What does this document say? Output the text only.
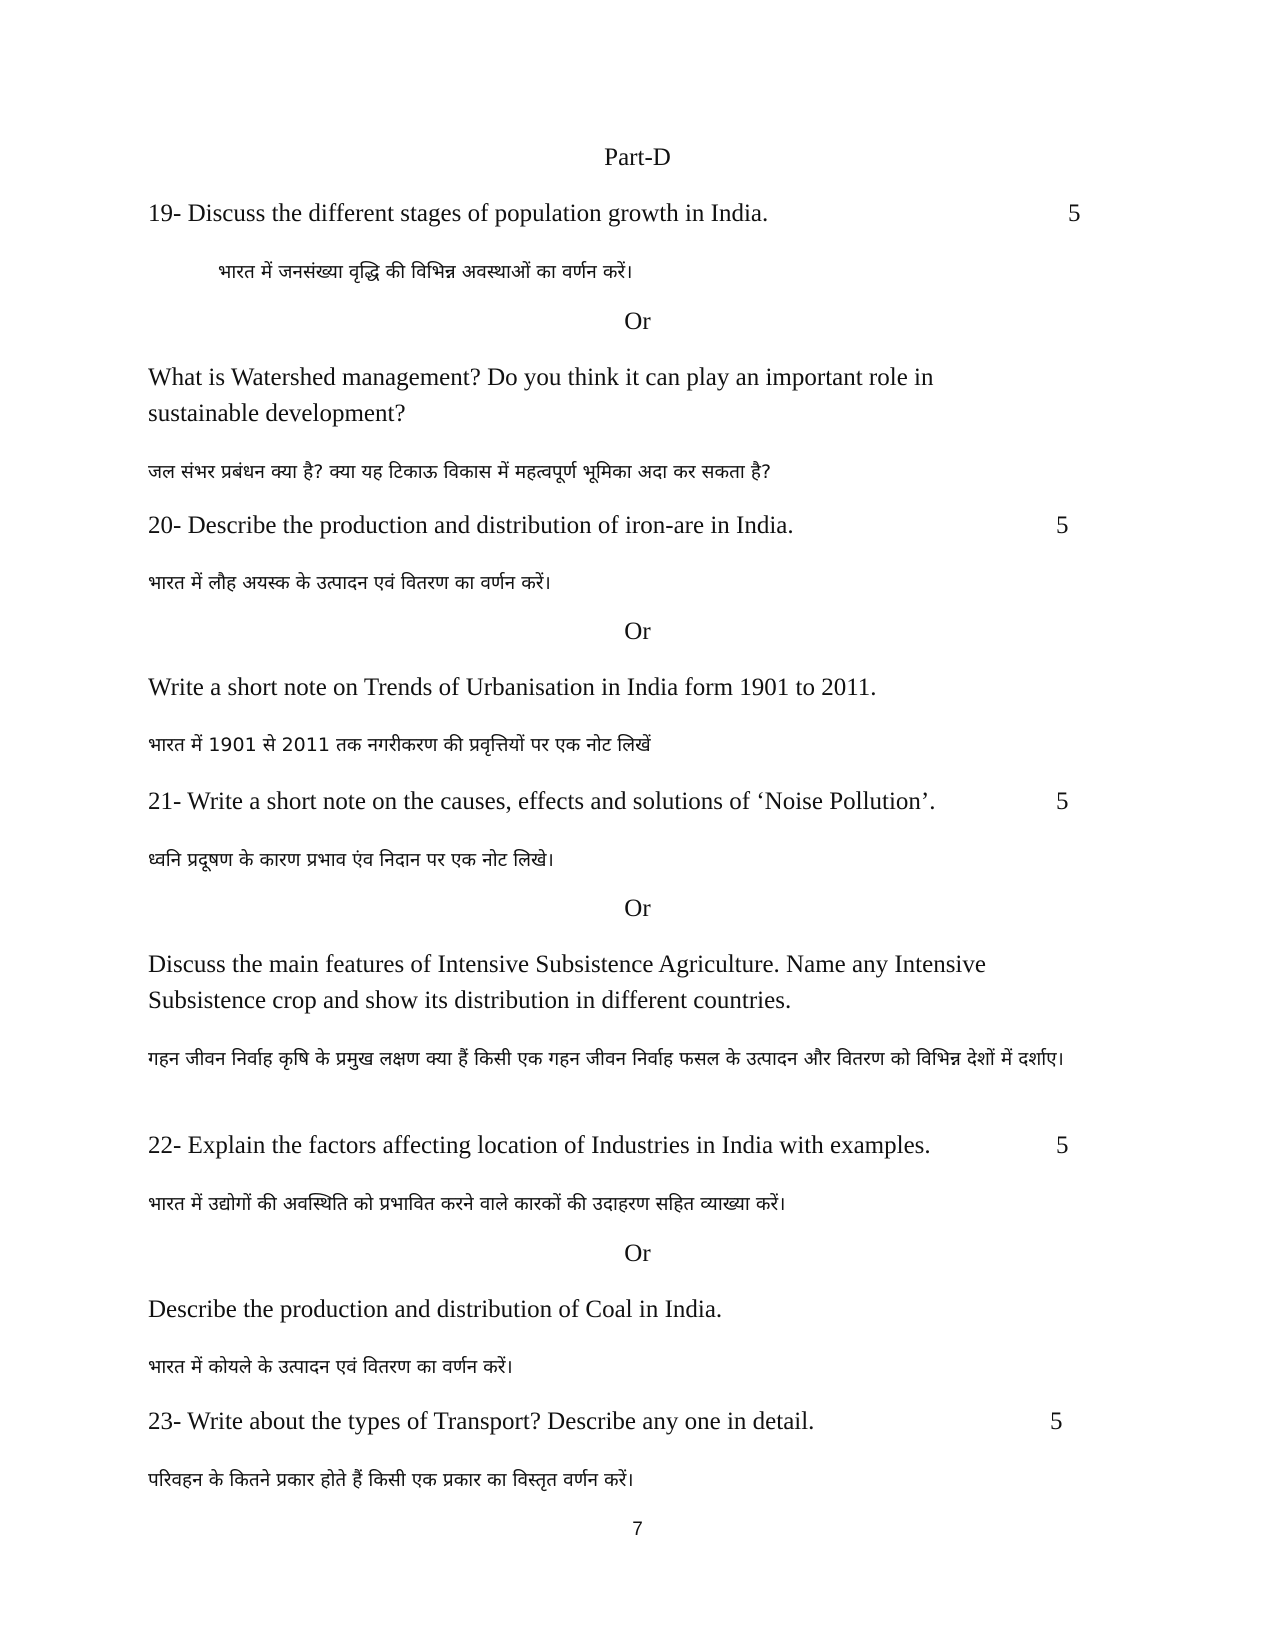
Part-D
19- Discuss the different stages of population growth in India.	5
भारत में जनसंख्या वृद्धि की विभिन्न अवस्थाओं का वर्णन करें।
Or
What is Watershed management? Do you think it can play an important role in sustainable development?
जल संभर प्रबंधन क्या है? क्या यह टिकाऊ विकास में महत्वपूर्ण भूमिका अदा कर सकता है?
20- Describe the production and distribution of iron-are in India.	5
भारत में लौह अयस्क के उत्पादन एवं वितरण का वर्णन करें।
Or
Write a short note on Trends of Urbanisation in India form 1901 to 2011.
भारत में 1901 से 2011 तक नगरीकरण की प्रवृत्तियों पर एक नोट लिखें
21- Write a short note on the causes, effects and solutions of ‘Noise Pollution’.	5
ध्वनि प्रदूषण के कारण प्रभाव एंव निदान पर एक नोट लिखे।
Or
Discuss the main features of Intensive Subsistence Agriculture. Name any Intensive Subsistence crop and show its distribution in different countries.
गहन जीवन निर्वाह कृषि के प्रमुख लक्षण क्या हैं किसी एक गहन जीवन निर्वाह फसल के उत्पादन और वितरण को विभिन्न देशों में दर्शाए।
22- Explain the factors affecting location of Industries in India with examples.	5
भारत में उद्योगों की अवस्थिति को प्रभावित करने वाले कारकों की उदाहरण सहित व्याख्या करें।
Or
Describe the production and distribution of Coal in India.
भारत में कोयले के उत्पादन एवं वितरण का वर्णन करें।
23- Write about the types of Transport? Describe any one in detail.	5
परिवहन के कितने प्रकार होते हैं किसी एक प्रकार का विस्तृत वर्णन करें।
7
